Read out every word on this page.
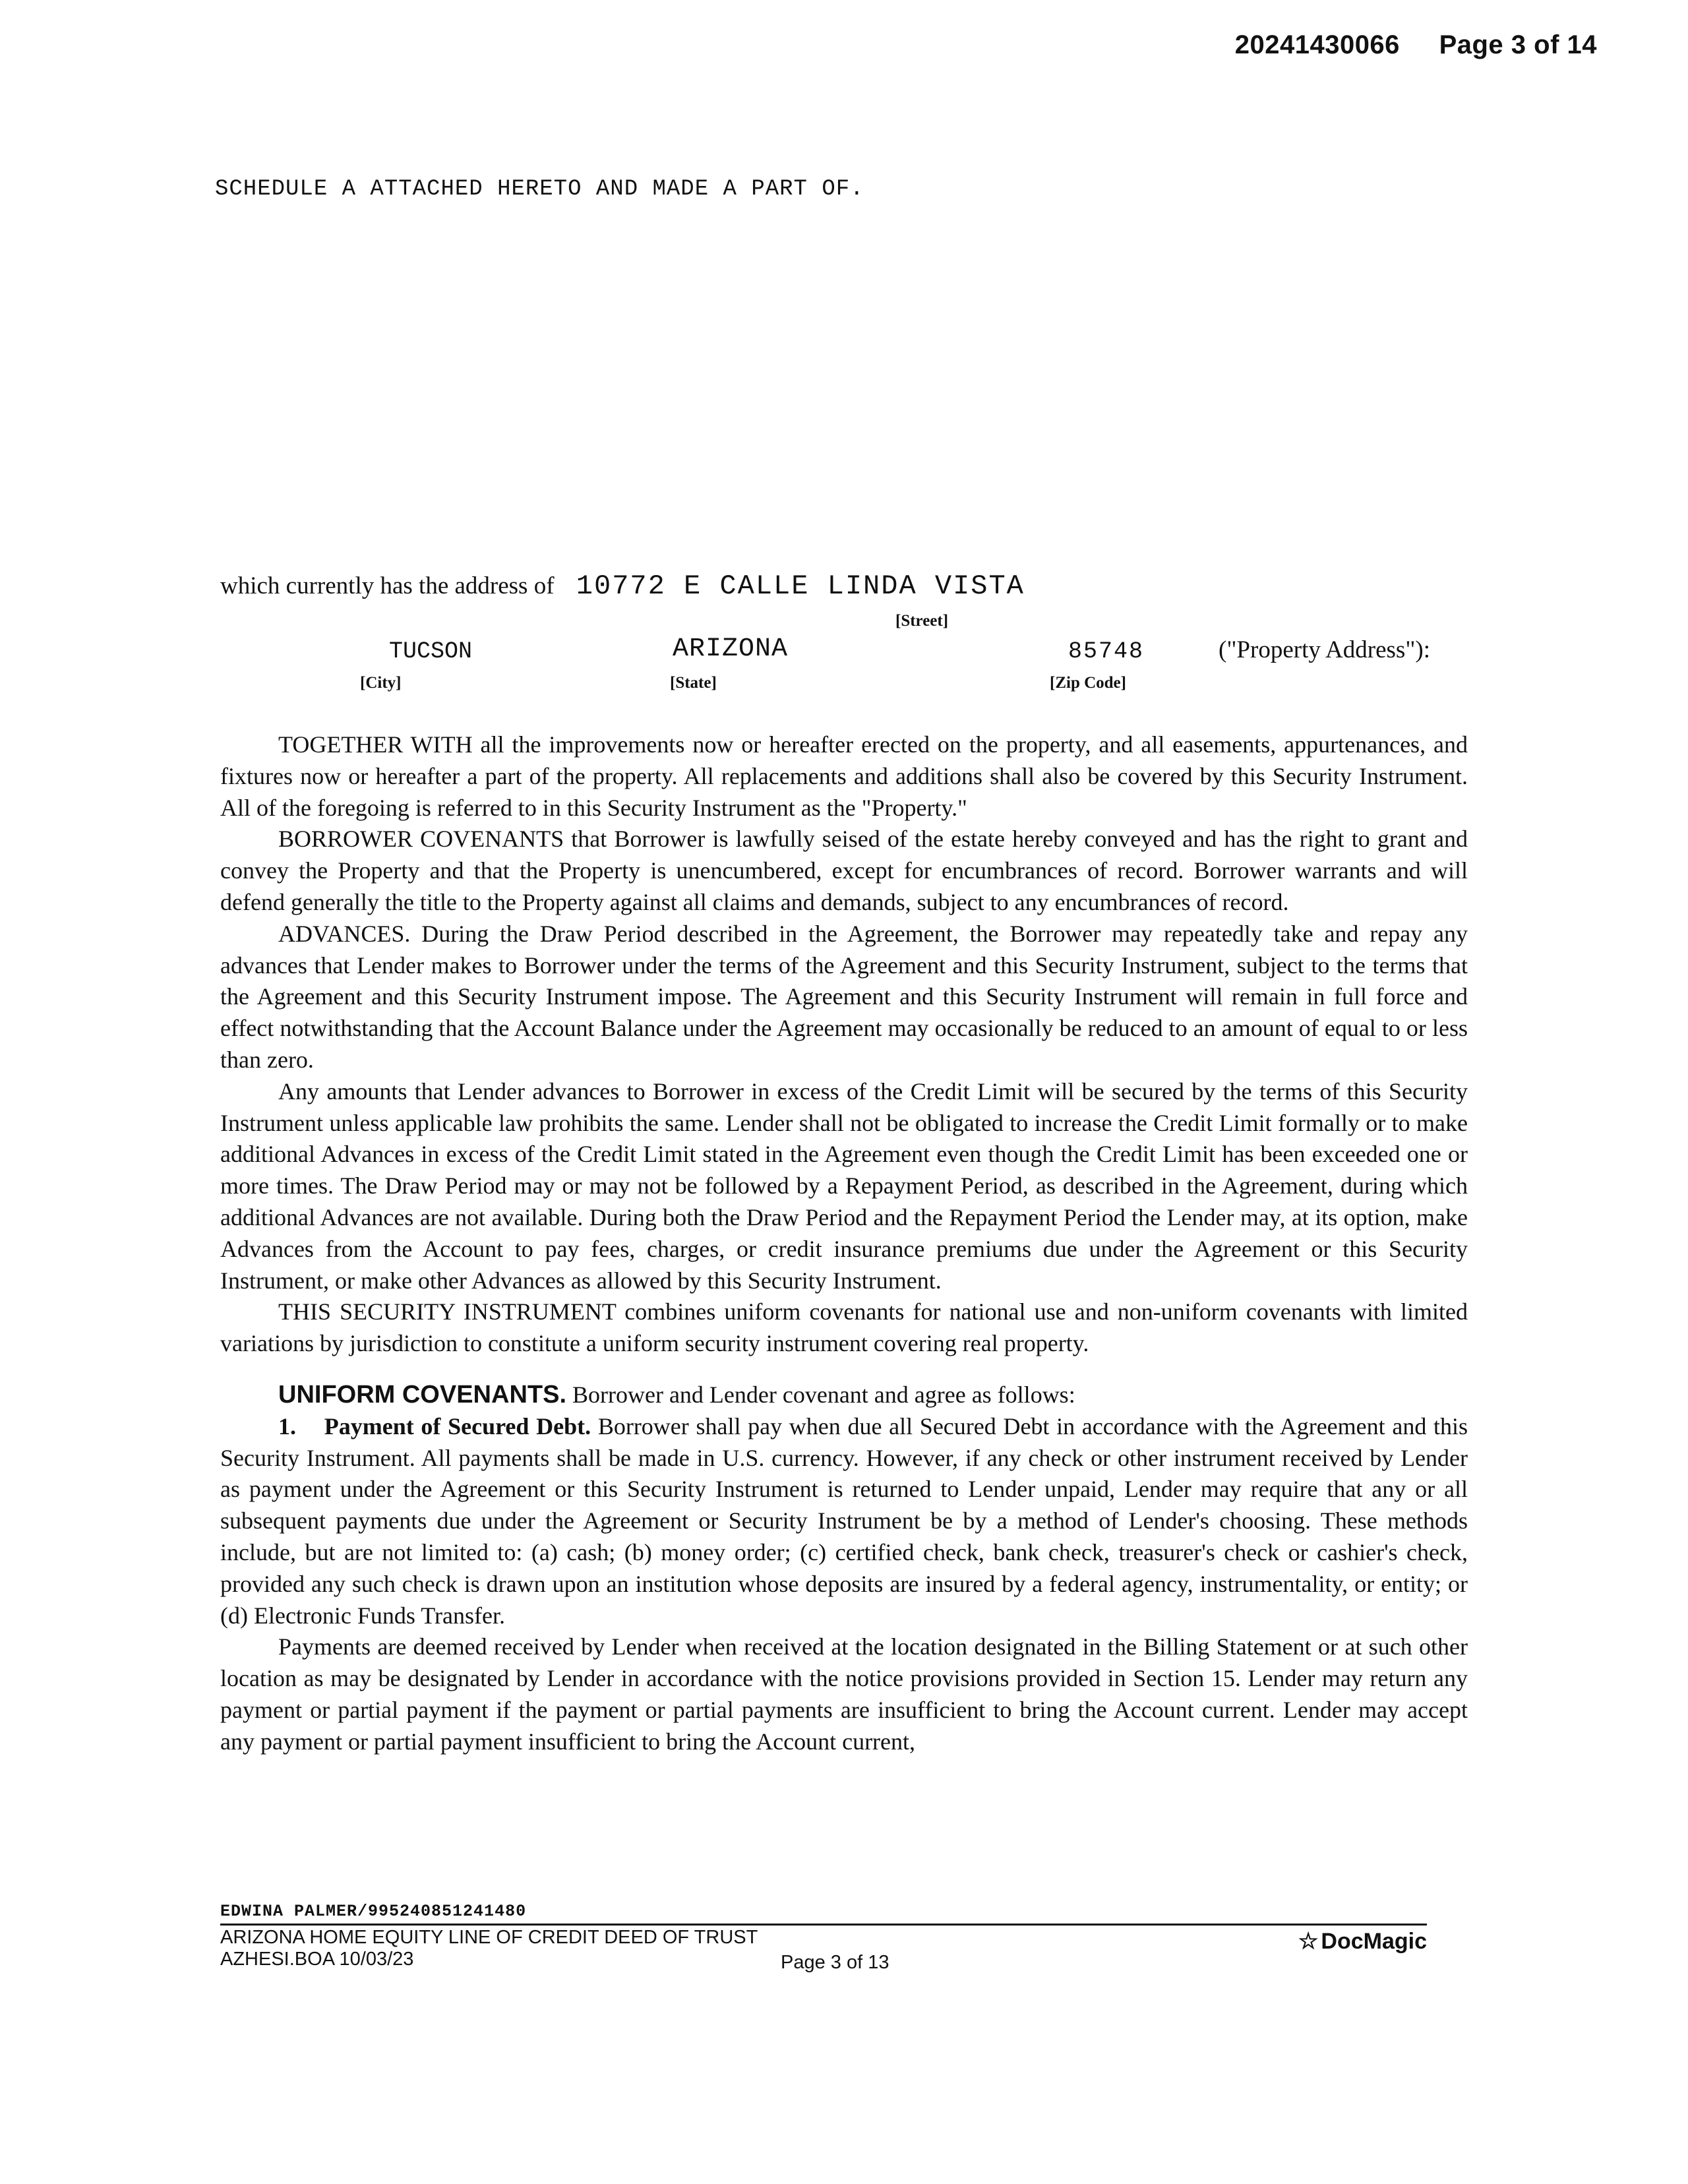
20241430066 Page 3 of 14
SCHEDULE A ATTACHED HERETO AND MADE A PART OF.
which currently has the address of 10772 E CALLE LINDA VISTA
[Street]
TUCSON	ARIZONA	85748	("Property Address"):
[City]	[State]	[Zip Code]

TOGETHER WITH all the improvements now or hereafter erected on the property, and all easements, appurtenances, and fixtures now or hereafter a part of the property. All replacements and additions shall also be covered by this Security Instrument. All of the foregoing is referred to in this Security Instrument as the "Property."

BORROWER COVENANTS that Borrower is lawfully seised of the estate hereby conveyed and has the right to grant and convey the Property and that the Property is unencumbered, except for encumbrances of record. Borrower warrants and will defend generally the title to the Property against all claims and demands, subject to any encumbrances of record.

ADVANCES. During the Draw Period described in the Agreement, the Borrower may repeatedly take and repay any advances that Lender makes to Borrower under the terms of the Agreement and this Security Instrument, subject to the terms that the Agreement and this Security Instrument impose. The Agreement and this Security Instrument will remain in full force and effect notwithstanding that the Account Balance under the Agreement may occasionally be reduced to an amount of equal to or less than zero.

Any amounts that Lender advances to Borrower in excess of the Credit Limit will be secured by the terms of this Security Instrument unless applicable law prohibits the same. Lender shall not be obligated to increase the Credit Limit formally or to make additional Advances in excess of the Credit Limit stated in the Agreement even though the Credit Limit has been exceeded one or more times. The Draw Period may or may not be followed by a Repayment Period, as described in the Agreement, during which additional Advances are not available. During both the Draw Period and the Repayment Period the Lender may, at its option, make Advances from the Account to pay fees, charges, or credit insurance premiums due under the Agreement or this Security Instrument, or make other Advances as allowed by this Security Instrument.

THIS SECURITY INSTRUMENT combines uniform covenants for national use and non-uniform covenants with limited variations by jurisdiction to constitute a uniform security instrument covering real property.

UNIFORM COVENANTS. Borrower and Lender covenant and agree as follows:

1. Payment of Secured Debt. Borrower shall pay when due all Secured Debt in accordance with the Agreement and this Security Instrument. All payments shall be made in U.S. currency. However, if any check or other instrument received by Lender as payment under the Agreement or this Security Instrument is returned to Lender unpaid, Lender may require that any or all subsequent payments due under the Agreement or Security Instrument be by a method of Lender's choosing. These methods include, but are not limited to: (a) cash; (b) money order; (c) certified check, bank check, treasurer's check or cashier's check, provided any such check is drawn upon an institution whose deposits are insured by a federal agency, instrumentality, or entity; or (d) Electronic Funds Transfer.

Payments are deemed received by Lender when received at the location designated in the Billing Statement or at such other location as may be designated by Lender in accordance with the notice provisions provided in Section 15. Lender may return any payment or partial payment if the payment or partial payments are insufficient to bring the Account current. Lender may accept any payment or partial payment insufficient to bring the Account current,

EDWINA PALMER/995240851241480
ARIZONA HOME EQUITY LINE OF CREDIT DEED OF TRUST
AZHESI.BOA 10/03/23	Page 3 of 13
☆ DocMagic
